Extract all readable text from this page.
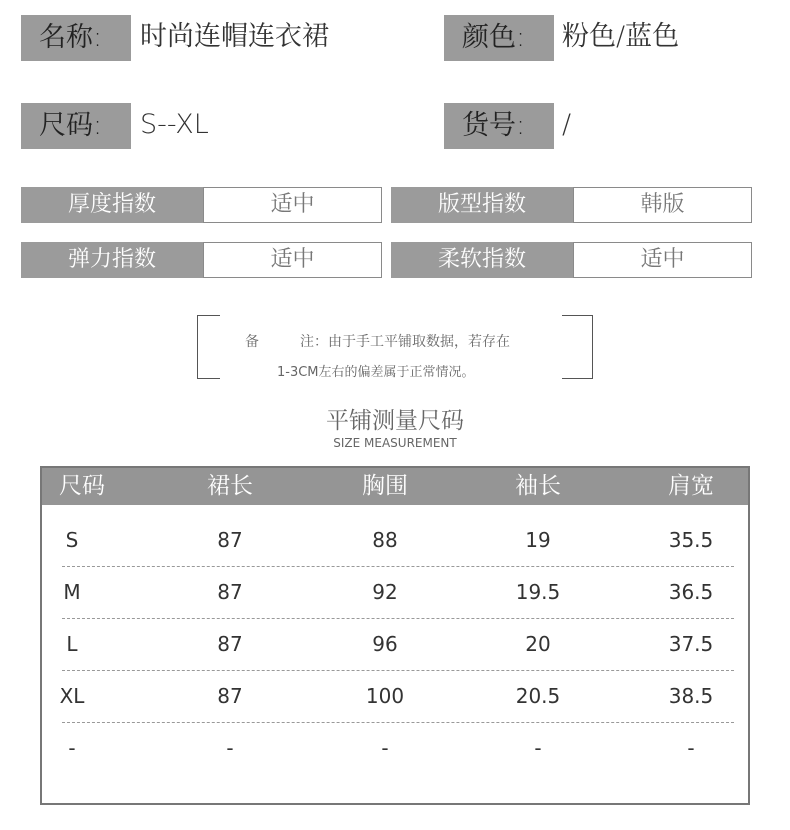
名称:	时尚连帽连衣裙	颜色:	粉色/蓝色
尺码:	S--XL	货号:	/
厚度指数	适中	版型指数	韩版
弹力指数	适中	柔软指数	适中
备	注：由于手工平铺取数据，若存在
1-3CM左右的偏差属于正常情况。
平铺测量尺码
SIZE MEASUREMENT
尺码	裙长	胸围	袖长	肩宽
S	87	88	19	35.5
M	87	92	19.5	36.5
L	87	96	20	37.5
XL	87	100	20.5	38.5
-	-	-	-	-
